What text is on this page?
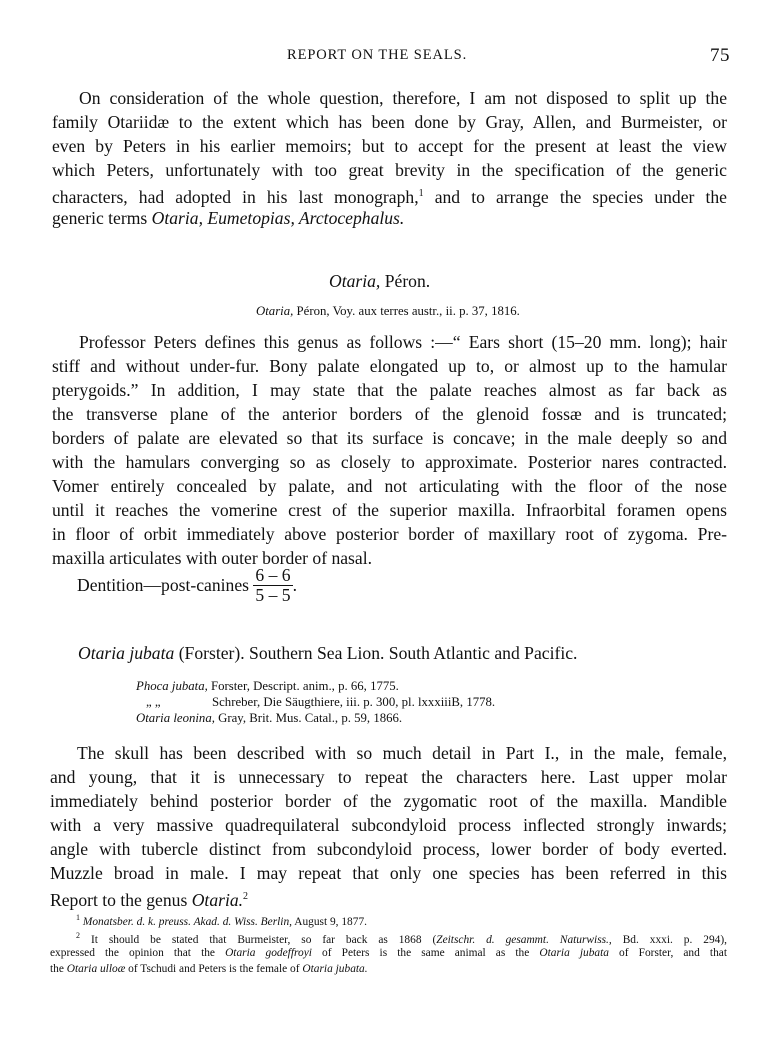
REPORT ON THE SEALS.	75
On consideration of the whole question, therefore, I am not disposed to split up the
family Otariidæ to the extent which has been done by Gray, Allen, and Burmeister, or
even by Peters in his earlier memoirs; but to accept for the present at least the view
which Peters, unfortunately with too great brevity in the specification of the generic
characters, had adopted in his last monograph,$^1$ and to arrange the species under the
generic terms Otaria, Eumetopias, Arctocephalus.
Otaria, Péron.
Otaria, Péron, Voy. aux terres austr., ii. p. 37, 1816.
Professor Peters defines this genus as follows :—“ Ears short (15–20 mm. long); hair
stiff and without under-fur. Bony palate elongated up to, or almost up to the hamular
pterygoids.” In addition, I may state that the palate reaches almost as far back as
the transverse plane of the anterior borders of the glenoid fossæ and is truncated;
borders of palate are elevated so that its surface is concave; in the male deeply so and
with the hamulars converging so as closely to approximate. Posterior nares contracted.
Vomer entirely concealed by palate, and not articulating with the floor of the nose
until it reaches the vomerine crest of the superior maxilla. Infraorbital foramen opens
in floor of orbit immediately above posterior border of maxillary root of zygoma. Pre-
maxilla articulates with outer border of nasal.
Dentition—post-canines $\frac{6 - 6}{5 - 5}$ .
Otaria jubata (Forster). Southern Sea Lion. South Atlantic and Pacific.
Phoca jubata, Forster, Descript. anim., p. 66, 1775.
„ „	Schreber, Die Säugthiere, iii. p. 300, pl. lxxxiiiB, 1778.
Otaria leonina, Gray, Brit. Mus. Catal., p. 59, 1866.
The skull has been described with so much detail in Part I., in the male, female,
and young, that it is unnecessary to repeat the characters here. Last upper molar
immediately behind posterior border of the zygomatic root of the maxilla. Mandible
with a very massive quadrequilateral subcondyloid process inflected strongly inwards;
angle with tubercle distinct from subcondyloid process, lower border of body everted.
Muzzle broad in male. I may repeat that only one species has been referred in this
Report to the genus Otaria.$^2$
$^1$ Monatsber. d. k. preuss. Akad. d. Wiss. Berlin, August 9, 1877.
$^2$ It should be stated that Burmeister, so far back as 1868 (Zeitschr. d. gesammt. Naturwiss., Bd. xxxi. p. 294),
expressed the opinion that the Otaria godeffroyi of Peters is the same animal as the Otaria jubata of Forster, and that
the Otaria ulloæ of Tschudi and Peters is the female of Otaria jubata.
